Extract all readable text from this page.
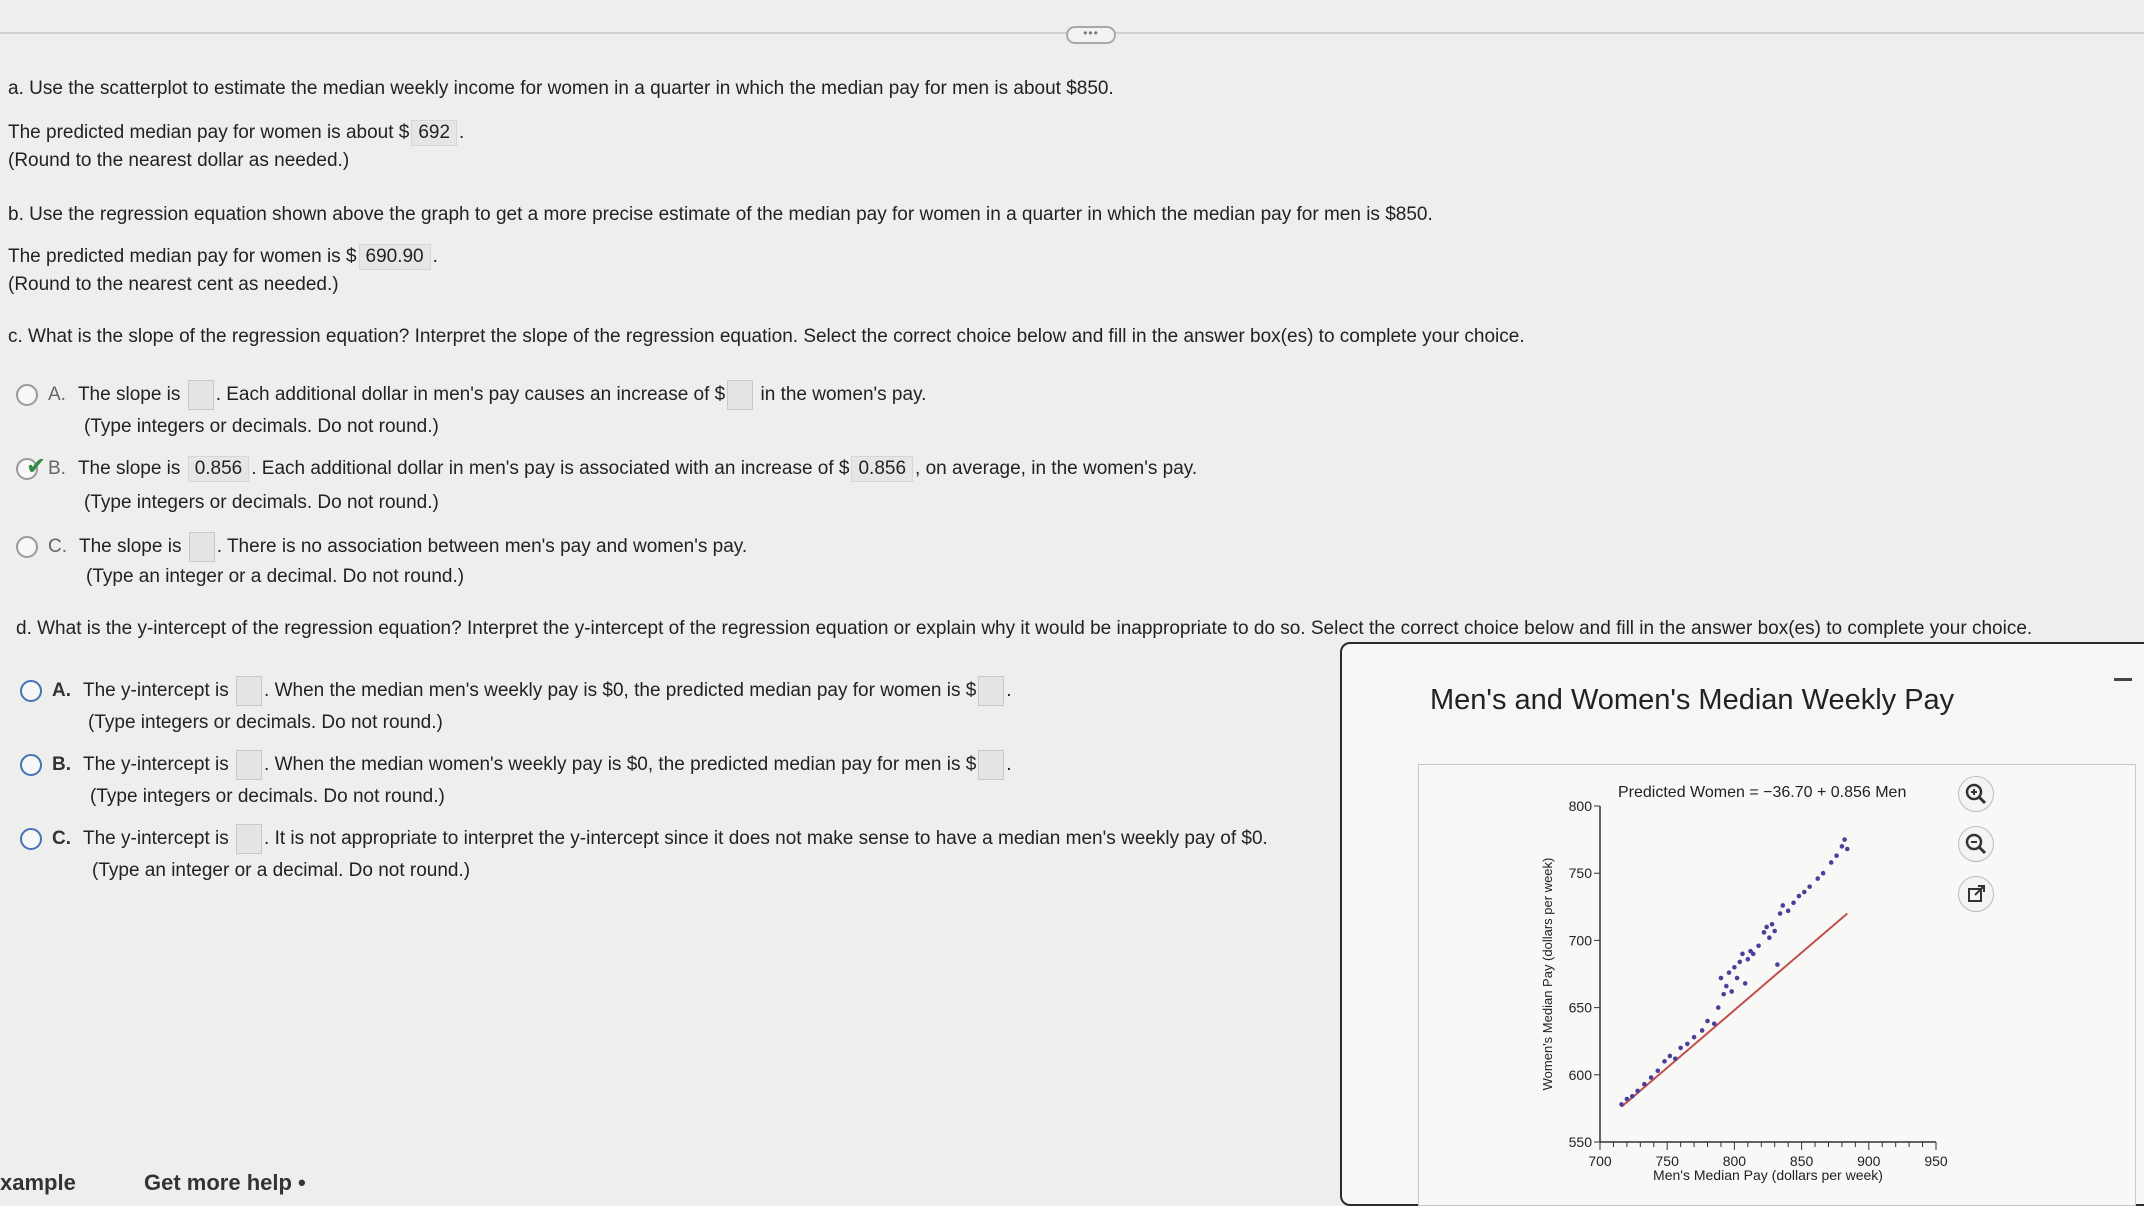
•••
a. Use the scatterplot to estimate the median weekly income for women in a quarter in which the median pay for men is about $850.
The predicted median pay for women is about $ 692 .
(Round to the nearest dollar as needed.)
b. Use the regression equation shown above the graph to get a more precise estimate of the median pay for women in a quarter in which the median pay for men is $850.
The predicted median pay for women is $ 690.90 .
(Round to the nearest cent as needed.)
c. What is the slope of the regression equation? Interpret the slope of the regression equation. Select the correct choice below and fill in the answer box(es) to complete your choice.
A. The slope is . Each additional dollar in men's pay causes an increase of $ in the women's pay.
(Type integers or decimals. Do not round.)
✔ B. The slope is 0.856 . Each additional dollar in men's pay is associated with an increase of $ 0.856 , on average, in the women's pay.
(Type integers or decimals. Do not round.)
C. The slope is . There is no association between men's pay and women's pay.
(Type an integer or a decimal. Do not round.)
d. What is the y-intercept of the regression equation? Interpret the y-intercept of the regression equation or explain why it would be inappropriate to do so. Select the correct choice below and fill in the answer box(es) to complete your choice.
A. The y-intercept is . When the median men's weekly pay is $0, the predicted median pay for women is $ .
(Type integers or decimals. Do not round.)
B. The y-intercept is . When the median women's weekly pay is $0, the predicted median pay for men is $ .
(Type integers or decimals. Do not round.)
C. The y-intercept is . It is not appropriate to interpret the y-intercept since it does not make sense to have a median men's weekly pay of $0.
(Type an integer or a decimal. Do not round.)
xample	Get more help •
Men's and Women's Median Weekly Pay
700	750	800	850	900	950
550
600
650
700
750
800
Predicted Women = −36.70 + 0.856 Men
Men's Median Pay (dollars per week)
Women's Median Pay (dollars per week)
